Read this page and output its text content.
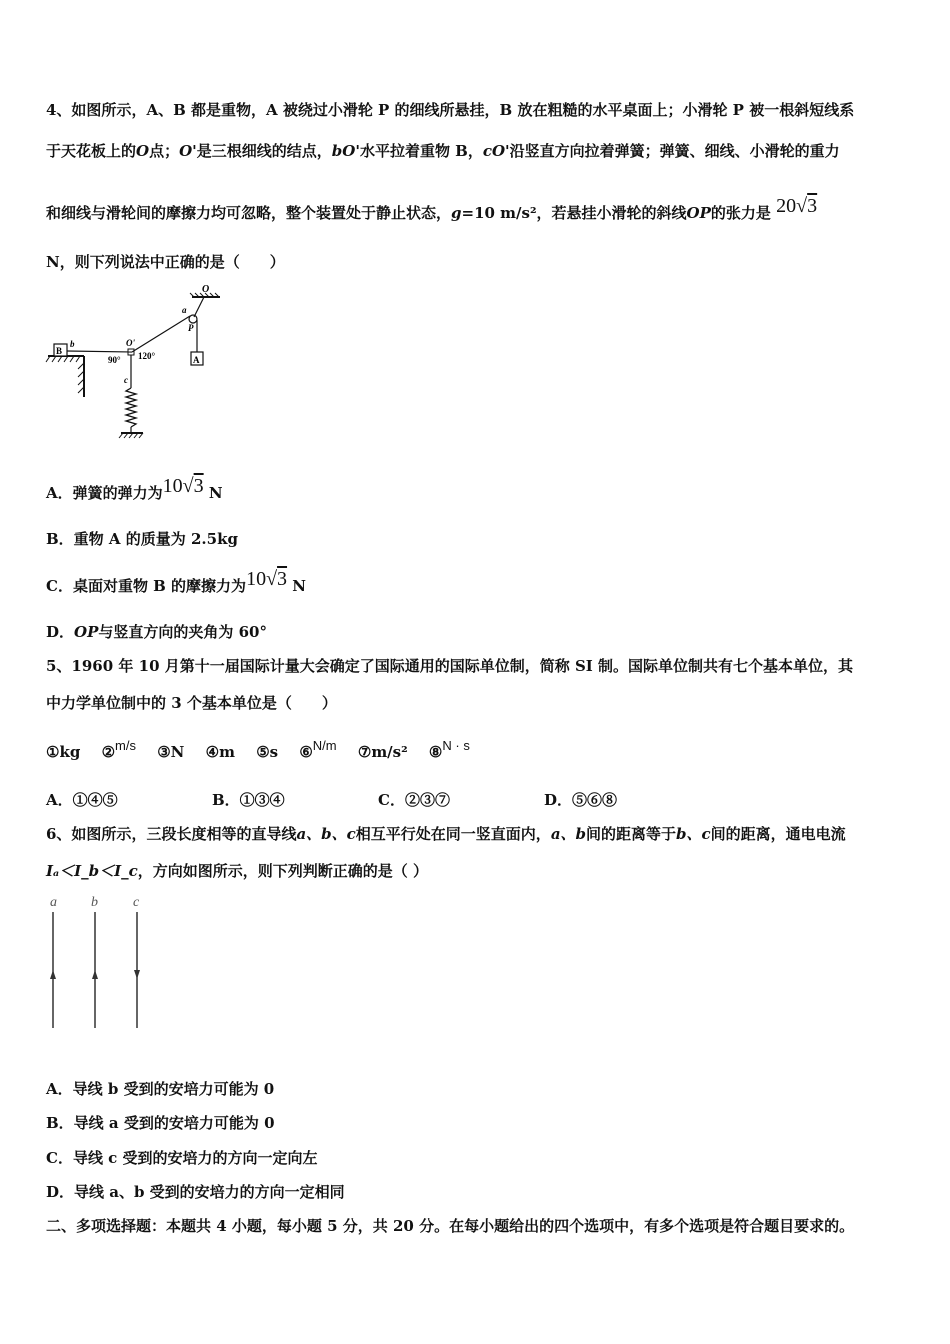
4、如图所示，A、B 都是重物，A 被绕过小滑轮 P 的细线所悬挂，B 放在粗糙的水平桌面上；小滑轮 P 被一根斜短线系
于天花板上的O点；O'是三根细线的结点，bO'水平拉着重物 B，cO'沿竖直方向拉着弹簧；弹簧、细线、小滑轮的重力
和细线与滑轮间的摩擦力均可忽略，整个装置处于静止状态，g=10 m/s²，若悬挂小滑轮的斜线OP的张力是 20√3
N，则下列说法中正确的是（　　）
O
a
P
A
B
b	O'
90° 120°
c
A．弹簧的弹力为10√3 N
B．重物 A 的质量为 2.5kg
C．桌面对重物 B 的摩擦力为10√3 N
D．OP与竖直方向的夹角为 60°
5、1960 年 10 月第十一届国际计量大会确定了国际通用的国际单位制，简称 SI 制。国际单位制共有七个基本单位，其
中力学单位制中的 3 个基本单位是（　　）
①kg ②m/s ③N ④m ⑤s ⑥N/m ⑦m/s² ⑧N · s
A．①④⑤	B．①③④	C．②③⑦	D．⑤⑥⑧
6、如图所示，三段长度相等的直导线a、b、c相互平行处在同一竖直面内，a、b间的距离等于b、c间的距离，通电电流
Iₐ＜I_b＜I_c，方向如图所示，则下列判断正确的是（ ）
a b	c
A．导线 b 受到的安培力可能为 0
B．导线 a 受到的安培力可能为 0
C．导线 c 受到的安培力的方向一定向左
D．导线 a、b 受到的安培力的方向一定相同
二、多项选择题：本题共 4 小题，每小题 5 分，共 20 分。在每小题给出的四个选项中，有多个选项是符合题目要求的。
